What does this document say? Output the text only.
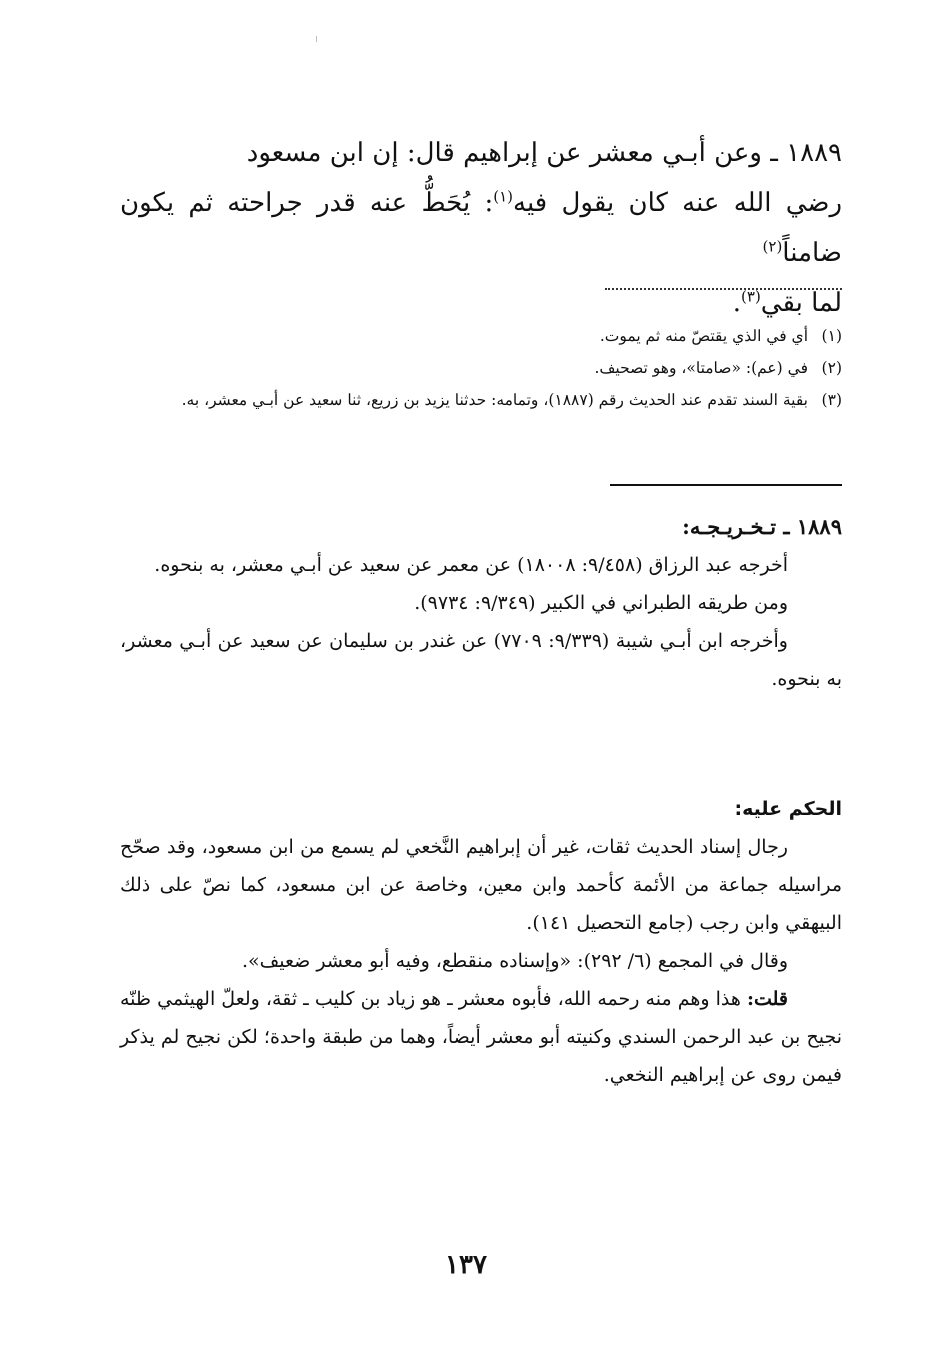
١٨٨٩ ـ وعن أبـي معشر عن إبراهيم قال: إن ابن مسعود

رضي الله عنه كان يقول فيه$^{(١)}$: يُحَطُّ عنه قدر جراحته ثم يكون ضامناً$^{(٢)}$

لما بقي$^{(٣)}$.

(١)
أي في الذي يقتصّ منه ثم يموت.
(٢)
في (عم): «صامتا»، وهو تصحيف.
(٣)
بقية السند تقدم عند الحديث رقم (١٨٨٧)، وتمامه: حدثنا يزيد بن زريع، ثنا سعيد عن أبـي معشر، به.

١٨٨٩ ـ تـخـريـجـه:

أخرجه عبد الرزاق (٩/٤٥٨: ١٨٠٠٨) عن معمر عن سعيد عن أبـي معشر، به بنحوه.

ومن طريقه الطبراني في الكبير (٩/٣٤٩: ٩٧٣٤).

وأخرجه ابن أبـي شيبة (٩/٣٣٩: ٧٧٠٩) عن غندر بن سليمان عن سعيد عن أبـي معشر، به بنحوه.

الحكم عليه:

رجال إسناد الحديث ثقات، غير أن إبراهيم النَّخعي لم يسمع من ابن مسعود، وقد صحّح مراسيله جماعة من الأئمة كأحمد وابن معين، وخاصة عن ابن مسعود، كما نصّ على ذلك البيهقي وابن رجب (جامع التحصيل ١٤١).

وقال في المجمع (٦/ ٢٩٢): «وإسناده منقطع، وفيه أبو معشر ضعيف».

قلت: هذا وهم منه رحمه الله، فأبوه معشر ـ هو زياد بن كليب ـ ثقة، ولعلّ الهيثمي ظنّه نجيح بن عبد الرحمن السندي وكنيته أبو معشر أيضاً، وهما من طبقة واحدة؛ لكن نجيح لم يذكر فيمن روى عن إبراهيم النخعي.

١٣٧
